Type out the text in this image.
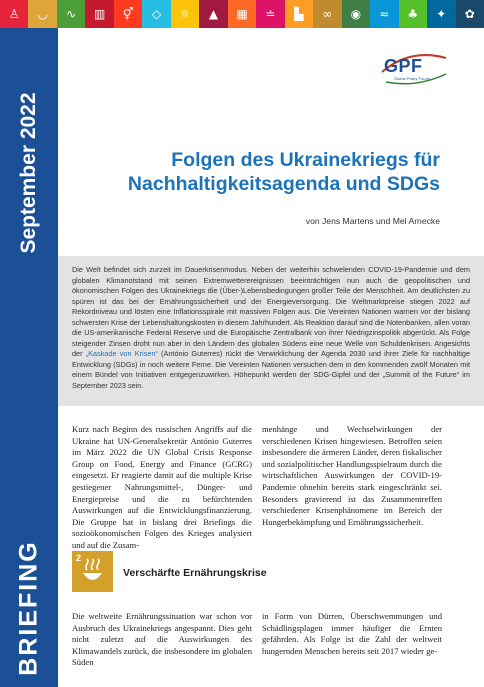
♙	◡	∿	▥	⚥	◇	☼	▲	▦	≐	▙	∞	◉	≈	♣	✦	✿
September 2022
BRIEFING
GPF
Global Policy Forum
Folgen des Ukrainekriegs für
Nachhaltigkeitsagenda und SDGs
von Jens Martens und Mel Arnecke
Die Welt befindet sich zurzeit im Dauerkrisenmodus. Neben der weiterhin schwelenden COVID-19-Pandemie und dem globalen Klimanotstand mit seinen Extremwetterereignissen beeinträchtigen nun auch die geopolitischen und ökonomischen Folgen des Ukrainekriegs die (Über-)Lebensbedingungen großer Teile der Menschheit. Am deutlichsten zu spüren ist das bei der Ernährungssicherheit und der Energieversorgung. Die Weltmarktpreise stiegen 2022 auf Rekordniveau und lösten eine Inflationsspirale mit massiven Folgen aus. Die Vereinten Nationen warnen vor der bislang schwersten Krise der Lebenshaltungskosten in diesem Jahrhundert. Als Reaktion darauf sind die Notenbanken, allen voran die US-amerikanische Federal Reserve und die Europäische Zentralbank von ihrer Niedrigzinspolitik abgerückt. Als Folge steigender Zinsen droht nun aber in den Ländern des globalen Südens eine neue Welle von Schuldenkrisen. Angesichts der „Kaskade von Krisen“ (António Guterres) rückt die Verwirklichung der Agenda 2030 und ihrer Ziele für nachhaltige Entwicklung (SDGs) in noch weitere Ferne. Die Vereinten Nationen versuchen dem in den kommenden zwölf Monaten mit einem Bündel von Initiativen entgegenzuwirken. Höhepunkt werden der SDG-Gipfel und der „Summit of the Future“ im September 2023 sein.
Kurz nach Beginn des russischen Angriffs auf die Ukraine hat UN-Generalsekretär António Guterres im März 2022 die UN Global Crisis Response Group on Food, Energy and Finance (GCRG) eingesetzt. Er reagierte damit auf die multiple Krise gestiegener Nahrungsmittel-, Dünger- und Energiepreise und die zu befürchtenden Auswirkungen auf die Entwicklungsfinanzierung. Die Gruppe hat in bislang drei Briefings die sozioökonomischen Folgen des Krieges analysiert und auf die Zusam-
menhänge und Wechselwirkungen der verschiedenen Krisen hingewiesen. Betroffen seien insbesondere die ärmeren Länder, deren fiskalischer und sozialpolitischer Handlungsspielraum durch die wirtschaftlichen Auswirkungen der COVID-19-Pandemie ohnehin bereits stark eingeschränkt sei. Besonders gravierend ist das Zusammentreffen verschiedener Krisenphänomene im Bereich der Hungerbekämpfung und Ernährungssicherheit.
2
Verschärfte Ernährungskrise
Die weltweite Ernährungssituation war schon vor Ausbruch des Ukrainekriegs angespannt. Dies geht nicht zuletzt auf die Auswirkungen des Klimawandels zurück, die insbesondere im globalen Süden
in Form von Dürren, Überschwemmungen und Schädlingsplagen immer häufiger die Ernten gefährden. Als Folge ist die Zahl der weltweit hungernden Menschen bereits seit 2017 wieder ge-
